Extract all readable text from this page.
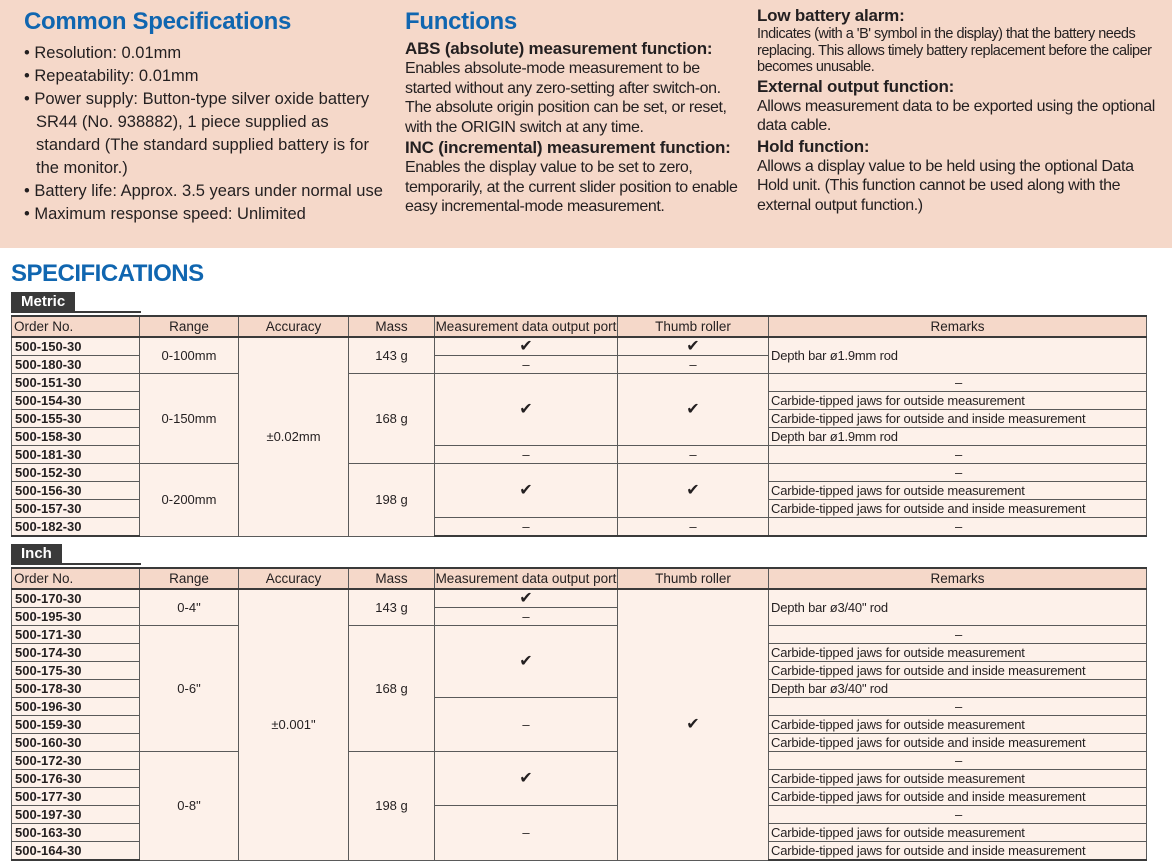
Common Specifications
• Resolution: 0.01mm
• Repeatability: 0.01mm
• Power supply: Button-type silver oxide battery SR44 (No. 938882), 1 piece supplied as standard (The standard supplied battery is for the monitor.)
• Battery life: Approx. 3.5 years under normal use
• Maximum response speed: Unlimited
Functions
ABS (absolute) measurement function:
Enables absolute-mode measurement to be started without any zero-setting after switch-on. The absolute origin position can be set, or reset, with the ORIGIN switch at any time.
INC (incremental) measurement function:
Enables the display value to be set to zero, temporarily, at the current slider position to enable easy incremental-mode measurement.
Low battery alarm:
Indicates (with a 'B' symbol in the display) that the battery needs replacing. This allows timely battery replacement before the caliper becomes unusable.
External output function:
Allows measurement data to be exported using the optional data cable.
Hold function:
Allows a display value to be held using the optional Data Hold unit. (This function cannot be used along with the external output function.)
SPECIFICATIONS
Metric
Order No.	Range	Accuracy	Mass	Measurement data output port	Thumb roller	Remarks
500-150-30	0-100mm	±0.02mm	143 g	✔	✔	Depth bar ø1.9mm rod
500-180-30				–	–	
500-151-30	0-150mm		168 g	✔	✔	–
500-154-30						Carbide-tipped jaws for outside measurement
500-155-30						Carbide-tipped jaws for outside and inside measurement
500-158-30						Depth bar ø1.9mm rod
500-181-30				–	–	–
500-152-30	0-200mm		198 g	✔	✔	–
500-156-30						Carbide-tipped jaws for outside measurement
500-157-30						Carbide-tipped jaws for outside and inside measurement
500-182-30				–	–	–
Inch
Order No.	Range	Accuracy	Mass	Measurement data output port	Thumb roller	Remarks
500-170-30	0-4"	±0.001"	143 g	✔	✔	Depth bar ø3/40" rod
500-195-30				–		
500-171-30	0-6"		168 g	✔		–
500-174-30						Carbide-tipped jaws for outside measurement
500-175-30						Carbide-tipped jaws for outside and inside measurement
500-178-30						Depth bar ø3/40" rod
500-196-30				–		–
500-159-30						Carbide-tipped jaws for outside measurement
500-160-30						Carbide-tipped jaws for outside and inside measurement
500-172-30	0-8"		198 g	✔		–
500-176-30						Carbide-tipped jaws for outside measurement
500-177-30						Carbide-tipped jaws for outside and inside measurement
500-197-30				–		–
500-163-30						Carbide-tipped jaws for outside measurement
500-164-30						Carbide-tipped jaws for outside and inside measurement
